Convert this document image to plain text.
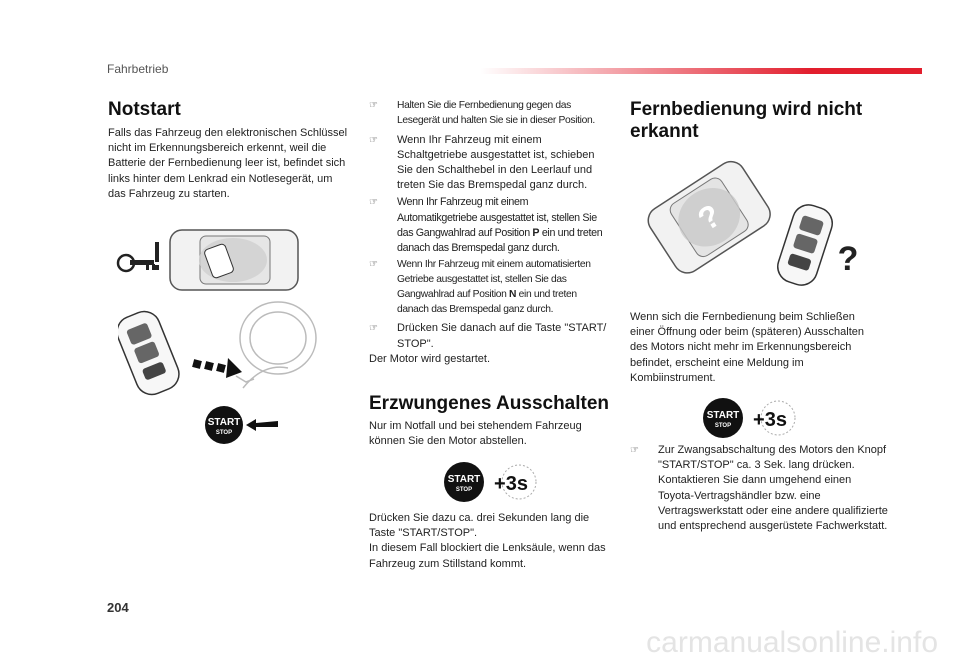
Fahrbetrieb
Notstart

Falls das Fahrzeug den elektronischen Schlüssel nicht im Erkennungsbereich erkennt, weil die Batterie der Fernbedienung leer ist, befindet sich links hinter dem Lenkrad ein Notlesegerät, um das Fahrzeug zu starten.

START
STOP
☞ Halten Sie die Fernbedienung gegen das Lesegerät und halten Sie sie in dieser Position.
☞ Wenn Ihr Fahrzeug mit einem Schaltgetriebe ausgestattet ist, schieben Sie den Schalthebel in den Leerlauf und treten Sie das Bremspedal ganz durch.
☞ Wenn Ihr Fahrzeug mit einem Automatikgetriebe ausgestattet ist, stellen Sie das Gangwahlrad auf Position P ein und treten danach das Bremspedal ganz durch.
☞ Wenn Ihr Fahrzeug mit einem automatisierten Getriebe ausgestattet ist, stellen Sie das Gangwahlrad auf Position N ein und treten danach das Bremspedal ganz durch.
☞ Drücken Sie danach auf die Taste "START/ STOP".

Der Motor wird gestartet.

Erzwungenes Ausschalten

Nur im Notfall und bei stehendem Fahrzeug können Sie den Motor abstellen.

START
STOP +3s

Drücken Sie dazu ca. drei Sekunden lang die Taste "START/STOP".

In diesem Fall blockiert die Lenksäule, wenn das Fahrzeug zum Stillstand kommt.

Fernbedienung wird nicht erkannt
?
?

Wenn sich die Fernbedienung beim Schließen einer Öffnung oder beim (späteren) Ausschalten des Motors nicht mehr im Erkennungsbereich befindet, erscheint eine Meldung im Kombiinstrument.

START
STOP +3s
☞ Zur Zwangsabschaltung des Motors den Knopf "START/STOP" ca. 3 Sek. lang drücken. Kontaktieren Sie dann umgehend einen Toyota-Vertragshändler bzw. eine Vertragswerkstatt oder eine andere qualifizierte und entsprechend ausgerüstete Fachwerkstatt.
204
carmanualsonline.info
